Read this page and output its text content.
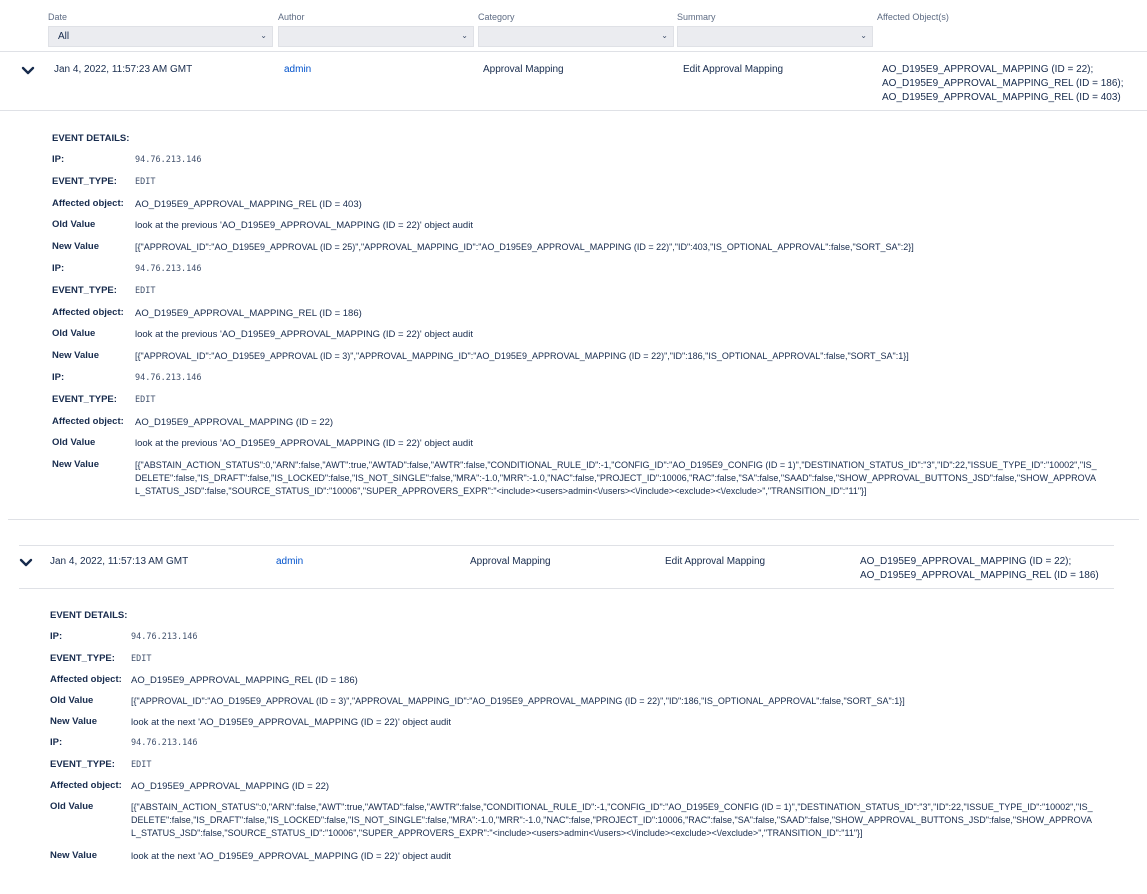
Date	Author	Category	Summary	Affected Object(s)
All	⌄	⌄	⌄	⌄
Jan 4, 2022, 11:57:23 AM GMT	admin	Approval Mapping	Edit Approval Mapping	AO_D195E9_APPROVAL_MAPPING (ID = 22);
AO_D195E9_APPROVAL_MAPPING_REL (ID = 186);
AO_D195E9_APPROVAL_MAPPING_REL (ID = 403)
EVENT DETAILS:
IP:	94.76.213.146
EVENT_TYPE: EDIT
Affected object: AO_D195E9_APPROVAL_MAPPING_REL (ID = 403)
Old Value	look at the previous 'AO_D195E9_APPROVAL_MAPPING (ID = 22)' object audit
New Value	[{"APPROVAL_ID":"AO_D195E9_APPROVAL (ID = 25)","APPROVAL_MAPPING_ID":"AO_D195E9_APPROVAL_MAPPING (ID = 22)","ID":403,"IS_OPTIONAL_APPROVAL":false,"SORT_SA":2}]
IP:	94.76.213.146
EVENT_TYPE: EDIT
Affected object: AO_D195E9_APPROVAL_MAPPING_REL (ID = 186)
Old Value	look at the previous 'AO_D195E9_APPROVAL_MAPPING (ID = 22)' object audit
New Value	[{"APPROVAL_ID":"AO_D195E9_APPROVAL (ID = 3)","APPROVAL_MAPPING_ID":"AO_D195E9_APPROVAL_MAPPING (ID = 22)","ID":186,"IS_OPTIONAL_APPROVAL":false,"SORT_SA":1}]
IP:	94.76.213.146
EVENT_TYPE: EDIT
Affected object: AO_D195E9_APPROVAL_MAPPING (ID = 22)
Old Value	look at the previous 'AO_D195E9_APPROVAL_MAPPING (ID = 22)' object audit
New Value	[{"ABSTAIN_ACTION_STATUS":0,"ARN":false,"AWT":true,"AWTAD":false,"AWTR":false,"CONDITIONAL_RULE_ID":-1,"CONFIG_ID":"AO_D195E9_CONFIG (ID = 1)","DESTINATION_STATUS_ID":"3","ID":22,"ISSUE_TYPE_ID":"10002","IS_DELETE":false,"IS_DRAFT":false,"IS_LOCKED":false,"IS_NOT_SINGLE":false,"MRA":-1.0,"MRR":-1.0,"NAC":false,"PROJECT_ID":10006,"RAC":false,"SA":false,"SAAD":false,"SHOW_APPROVAL_BUTTONS_JSD":false,"SHOW_APPROVAL_STATUS_JSD":false,"SOURCE_STATUS_ID":"10006","SUPER_APPROVERS_EXPR":"<include><users>admin<\/users><\/include><exclude><\/exclude>","TRANSITION_ID":"11"}]
Jan 4, 2022, 11:57:13 AM GMT	admin	Approval Mapping	Edit Approval Mapping	AO_D195E9_APPROVAL_MAPPING (ID = 22);
AO_D195E9_APPROVAL_MAPPING_REL (ID = 186)
EVENT DETAILS:
IP:	94.76.213.146
EVENT_TYPE: EDIT
Affected object: AO_D195E9_APPROVAL_MAPPING_REL (ID = 186)
Old Value	[{"APPROVAL_ID":"AO_D195E9_APPROVAL (ID = 3)","APPROVAL_MAPPING_ID":"AO_D195E9_APPROVAL_MAPPING (ID = 22)","ID":186,"IS_OPTIONAL_APPROVAL":false,"SORT_SA":1}]
New Value	look at the next 'AO_D195E9_APPROVAL_MAPPING (ID = 22)' object audit
IP:	94.76.213.146
EVENT_TYPE: EDIT
Affected object: AO_D195E9_APPROVAL_MAPPING (ID = 22)
Old Value	[{"ABSTAIN_ACTION_STATUS":0,"ARN":false,"AWT":true,"AWTAD":false,"AWTR":false,"CONDITIONAL_RULE_ID":-1,"CONFIG_ID":"AO_D195E9_CONFIG (ID = 1)","DESTINATION_STATUS_ID":"3","ID":22,"ISSUE_TYPE_ID":"10002","IS_DELETE":false,"IS_DRAFT":false,"IS_LOCKED":false,"IS_NOT_SINGLE":false,"MRA":-1.0,"MRR":-1.0,"NAC":false,"PROJECT_ID":10006,"RAC":false,"SA":false,"SAAD":false,"SHOW_APPROVAL_BUTTONS_JSD":false,"SHOW_APPROVAL_STATUS_JSD":false,"SOURCE_STATUS_ID":"10006","SUPER_APPROVERS_EXPR":"<include><users>admin<\/users><\/include><exclude><\/exclude>","TRANSITION_ID":"11"}]
New Value	look at the next 'AO_D195E9_APPROVAL_MAPPING (ID = 22)' object audit
